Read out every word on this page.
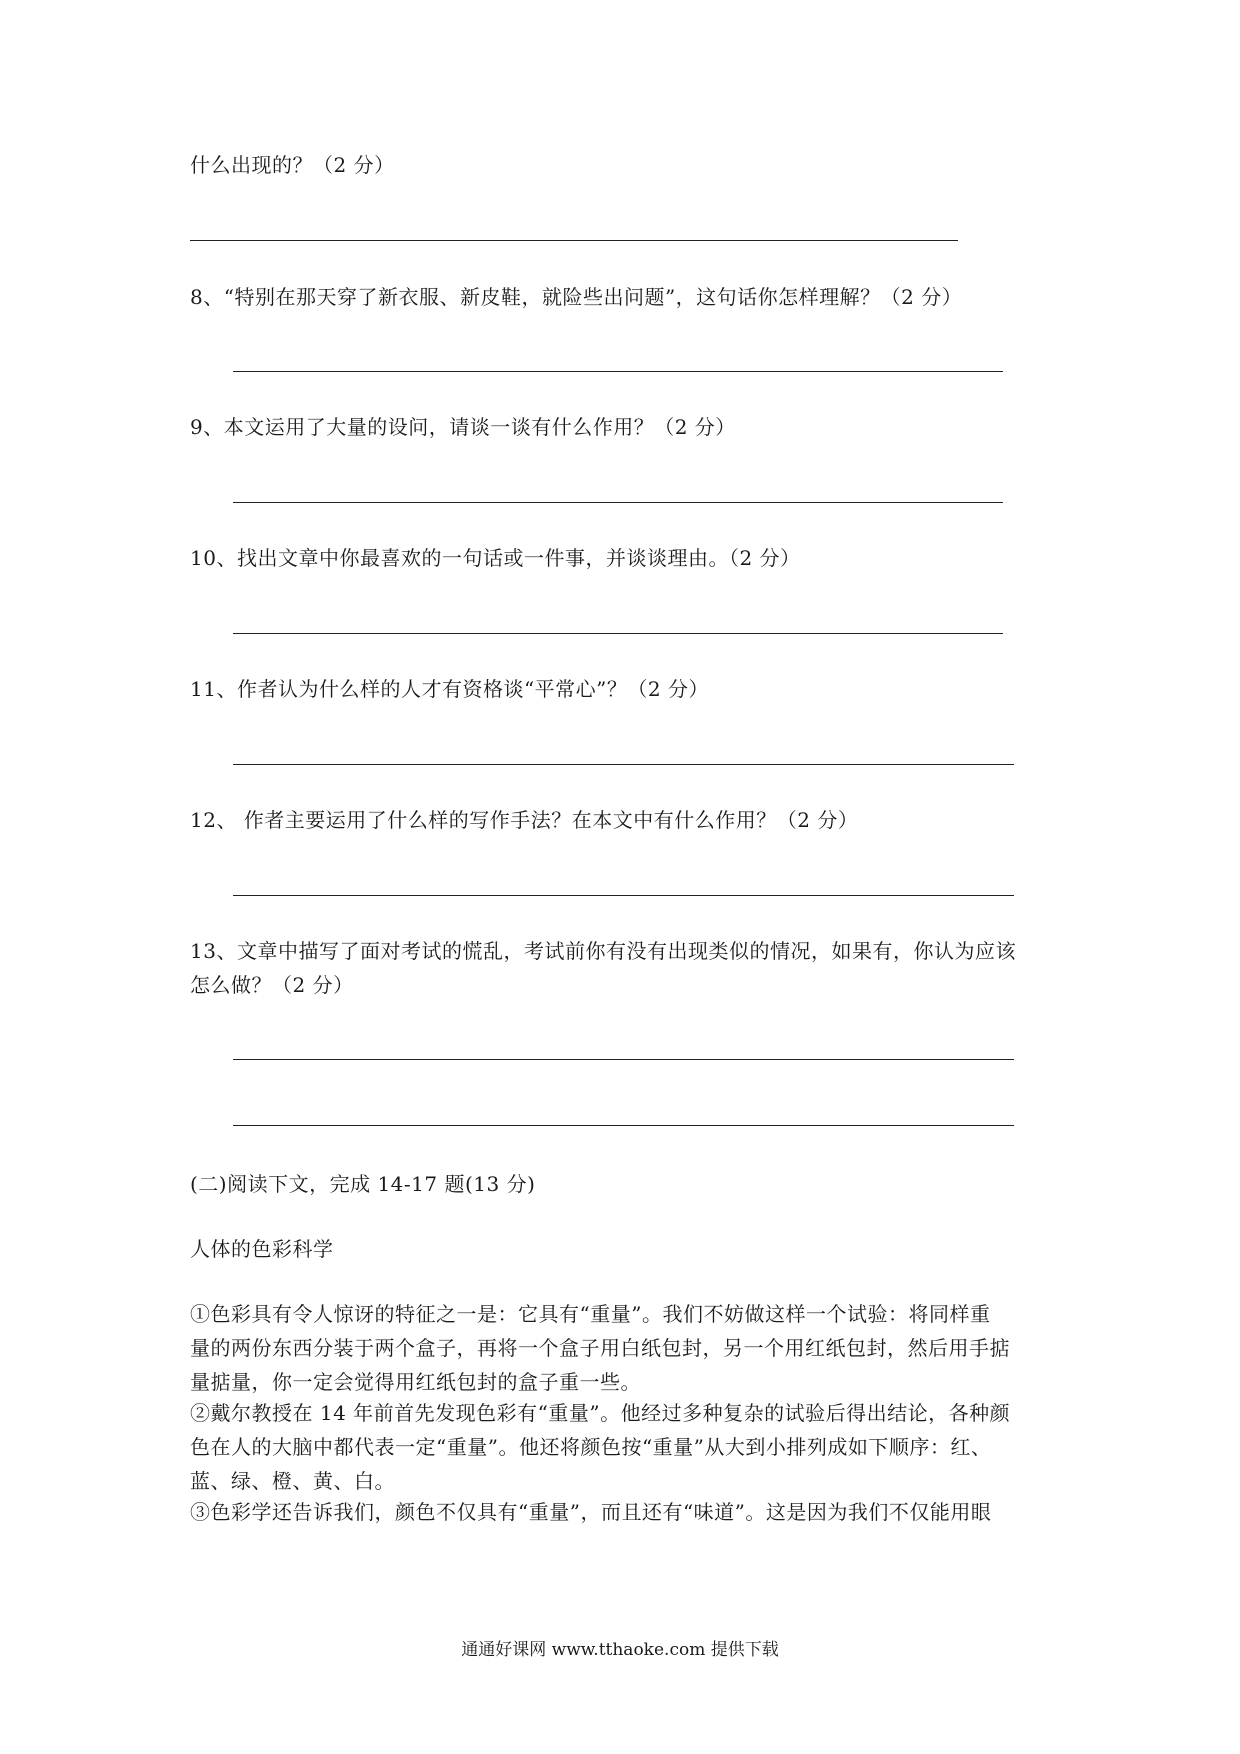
什么出现的？（2 分）
8、“特别在那天穿了新衣服、新皮鞋，就险些出问题”，这句话你怎样理解？（2 分）
9、本文运用了大量的设问，请谈一谈有什么作用？（2 分）
10、找出文章中你最喜欢的一句话或一件事，并谈谈理由。（2 分）
11、作者认为什么样的人才有资格谈“平常心”？（2 分）
12、 作者主要运用了什么样的写作手法？在本文中有什么作用？（2 分）
13、文章中描写了面对考试的慌乱，考试前你有没有出现类似的情况，如果有，你认为应该
怎么做？（2 分）
(二)阅读下文，完成 14-17 题(13 分)
人体的色彩科学
①色彩具有令人惊讶的特征之一是：它具有“重量”。我们不妨做这样一个试验：将同样重
量的两份东西分装于两个盒子，再将一个盒子用白纸包封，另一个用红纸包封，然后用手掂
量掂量，你一定会觉得用红纸包封的盒子重一些。
②戴尔教授在 14 年前首先发现色彩有“重量”。他经过多种复杂的试验后得出结论，各种颜
色在人的大脑中都代表一定“重量”。他还将颜色按“重量”从大到小排列成如下顺序：红、
蓝、绿、橙、黄、白。
③色彩学还告诉我们，颜色不仅具有“重量”，而且还有“味道”。这是因为我们不仅能用眼
通通好课网 www.tthaoke.com 提供下载
